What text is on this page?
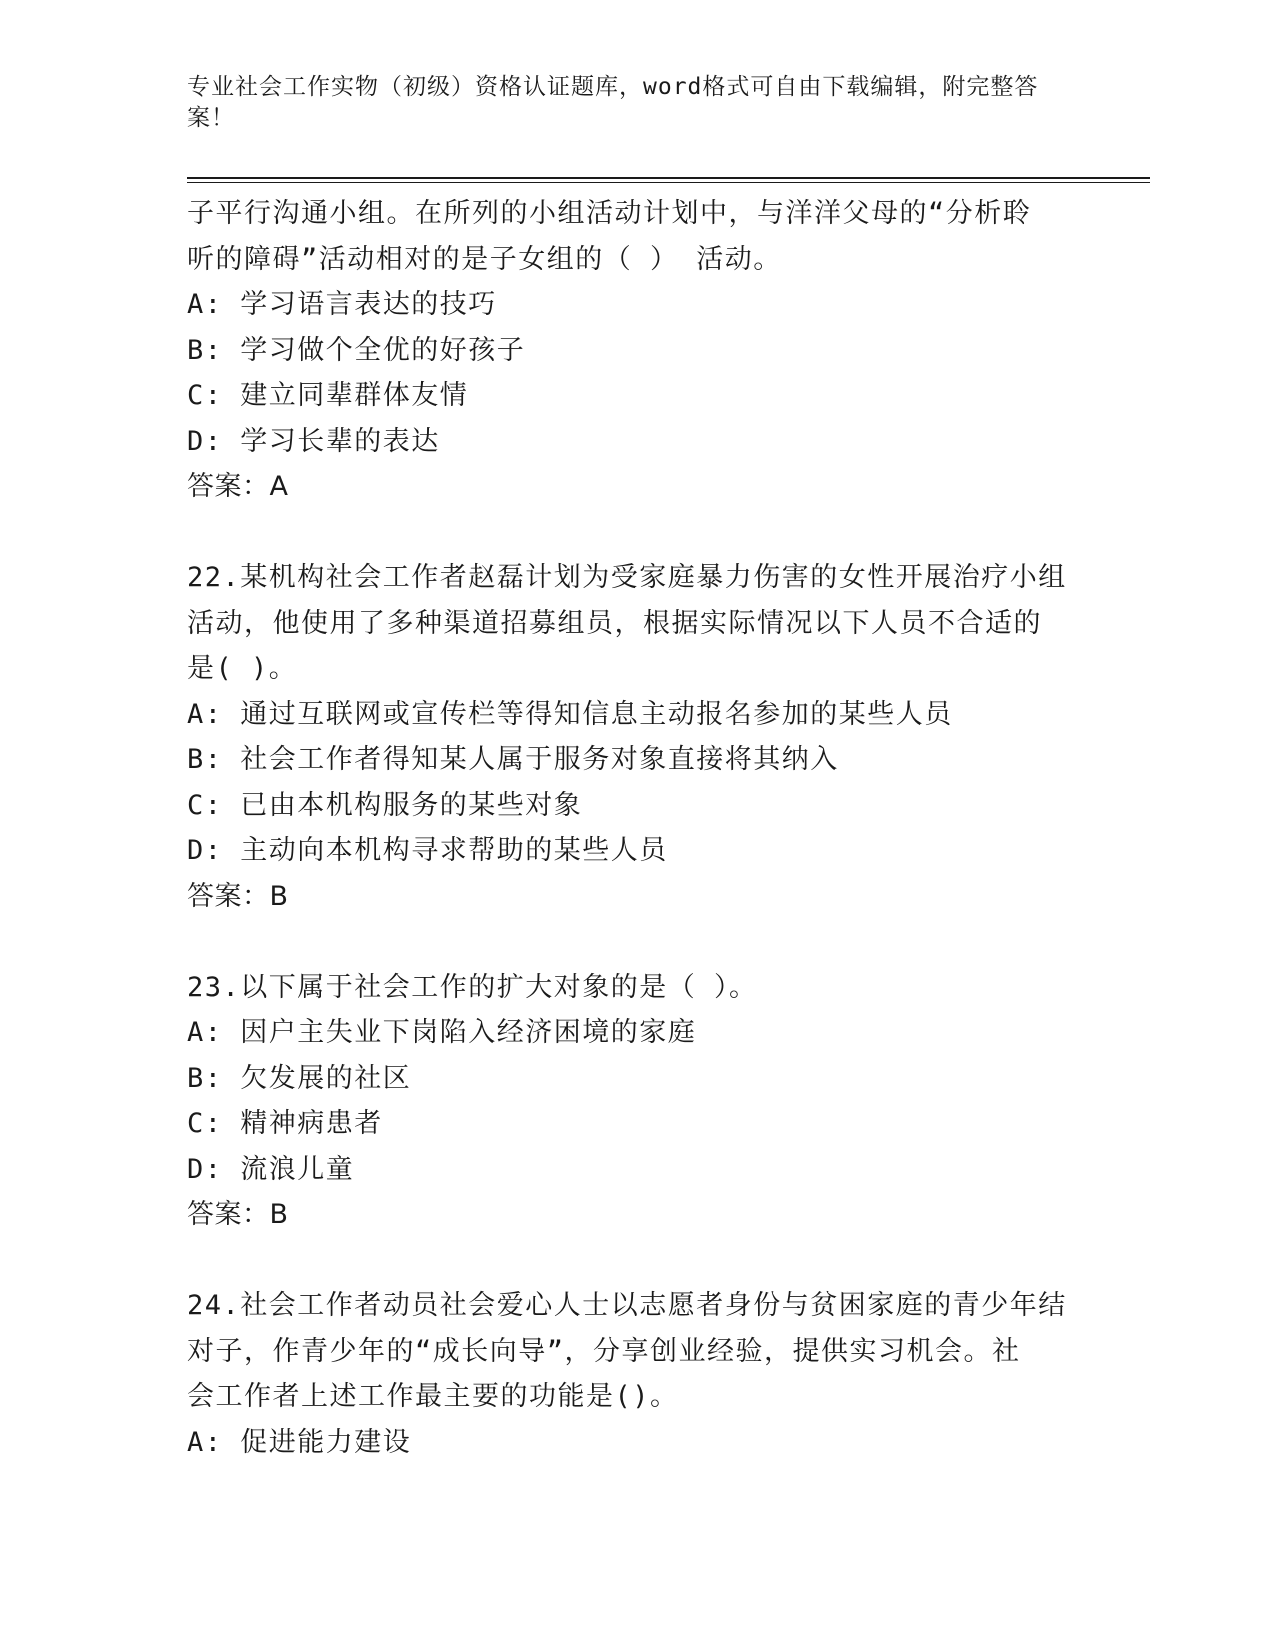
专业社会工作实物（初级）资格认证题库，word格式可自由下载编辑，附完整答
案！

子平行沟通小组。在所列的小组活动计划中，与洋洋父母的“分析聆

听的障碍”活动相对的是子女组的（ ） 活动。

A: 学习语言表达的技巧

B: 学习做个全优的好孩子

C: 建立同辈群体友情

D: 学习长辈的表达

答案：A

22.某机构社会工作者赵磊计划为受家庭暴力伤害的女性开展治疗小组

活动，他使用了多种渠道招募组员，根据实际情况以下人员不合适的

是( )。

A: 通过互联网或宣传栏等得知信息主动报名参加的某些人员

B: 社会工作者得知某人属于服务对象直接将其纳入

C: 已由本机构服务的某些对象

D: 主动向本机构寻求帮助的某些人员

答案：B

23.以下属于社会工作的扩大对象的是（ ）。

A: 因户主失业下岗陷入经济困境的家庭

B: 欠发展的社区

C: 精神病患者

D: 流浪儿童

答案：B

24.社会工作者动员社会爱心人士以志愿者身份与贫困家庭的青少年结

对子，作青少年的“成长向导”，分享创业经验，提供实习机会。社

会工作者上述工作最主要的功能是()。

A: 促进能力建设
